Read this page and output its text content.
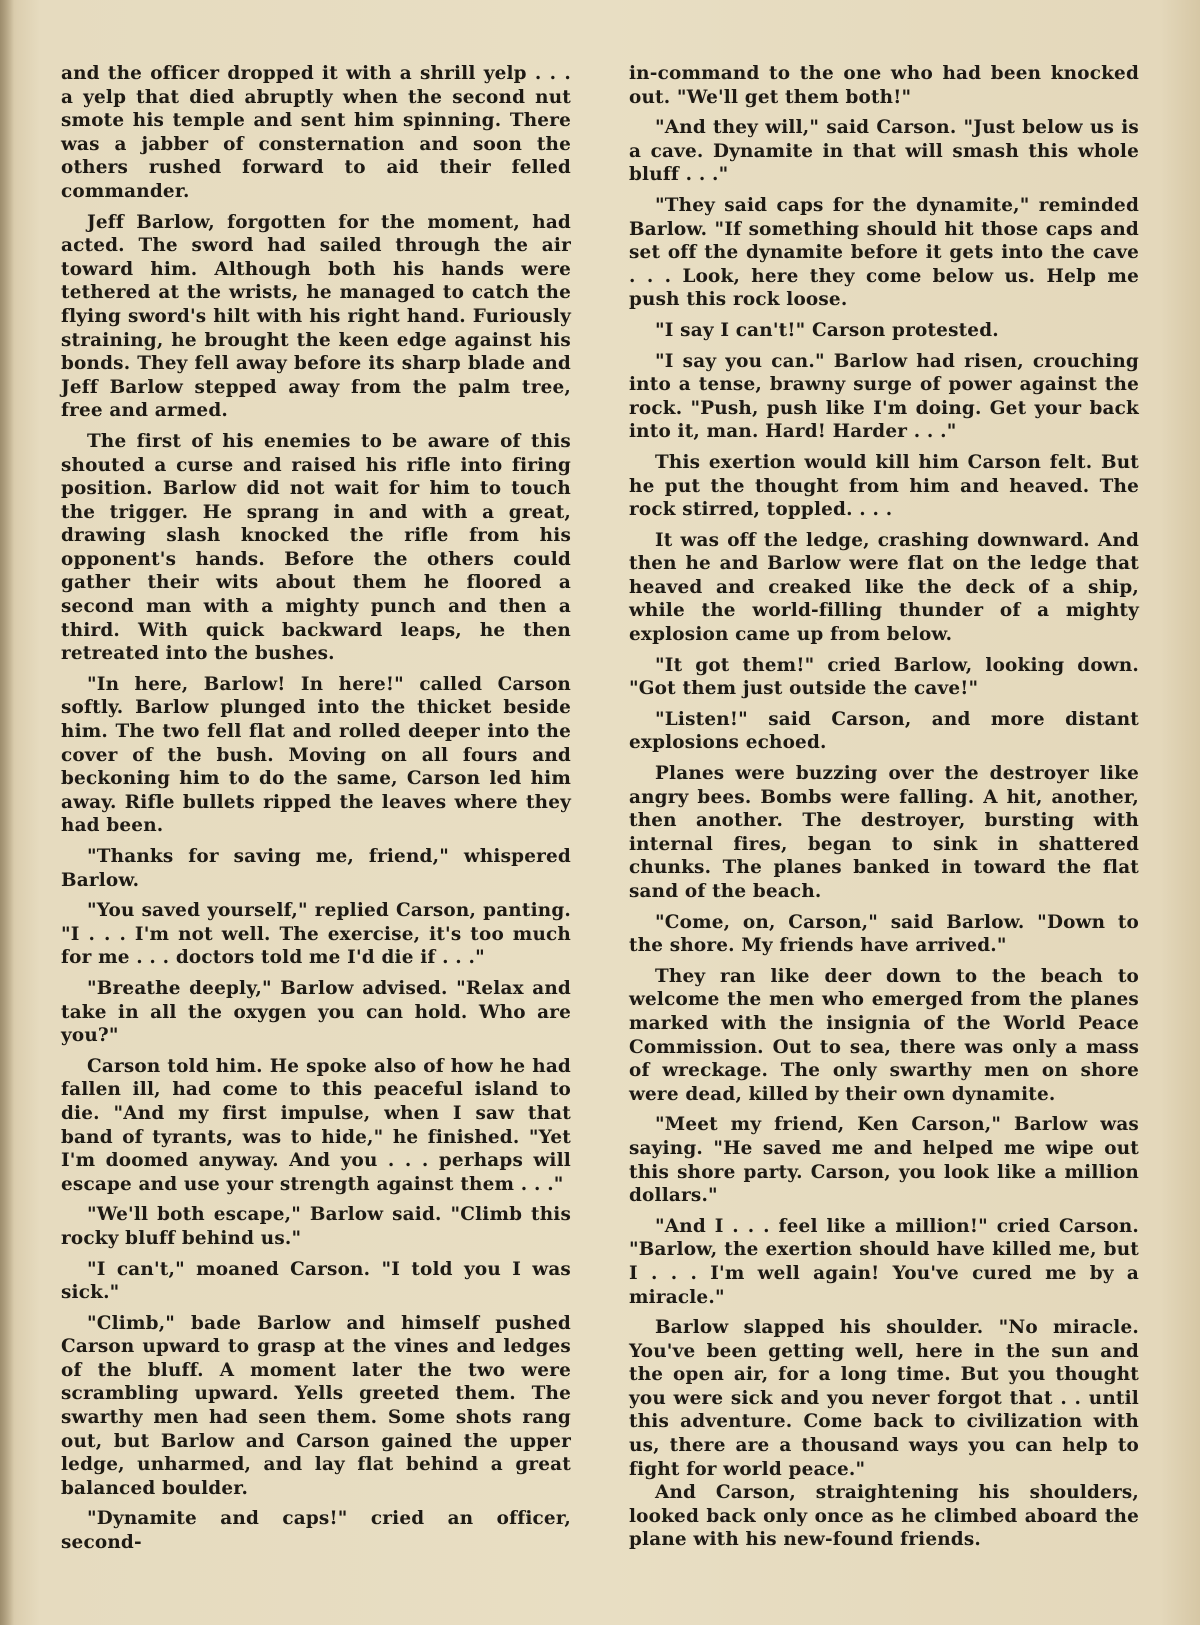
and the officer dropped it with a shrill yelp . . . a yelp that died abruptly when the second nut smote his temple and sent him spinning. There was a jabber of consternation and soon the others rushed forward to aid their felled commander.

Jeff Barlow, forgotten for the moment, had acted. The sword had sailed through the air toward him. Although both his hands were tethered at the wrists, he managed to catch the flying sword's hilt with his right hand. Furiously straining, he brought the keen edge against his bonds. They fell away before its sharp blade and Jeff Barlow stepped away from the palm tree, free and armed.

The first of his enemies to be aware of this shouted a curse and raised his rifle into firing position. Barlow did not wait for him to touch the trigger. He sprang in and with a great, drawing slash knocked the rifle from his opponent's hands. Before the others could gather their wits about them he floored a second man with a mighty punch and then a third. With quick backward leaps, he then retreated into the bushes.

"In here, Barlow! In here!" called Carson softly. Barlow plunged into the thicket beside him. The two fell flat and rolled deeper into the cover of the bush. Moving on all fours and beckoning him to do the same, Carson led him away. Rifle bullets ripped the leaves where they had been.

"Thanks for saving me, friend," whispered Barlow.

"You saved yourself," replied Carson, panting. "I . . . I'm not well. The exercise, it's too much for me . . . doctors told me I'd die if . . ."

"Breathe deeply," Barlow advised. "Relax and take in all the oxygen you can hold. Who are you?"

Carson told him. He spoke also of how he had fallen ill, had come to this peaceful island to die. "And my first impulse, when I saw that band of tyrants, was to hide," he finished. "Yet I'm doomed anyway. And you . . . perhaps will escape and use your strength against them . . ."

"We'll both escape," Barlow said. "Climb this rocky bluff behind us."

"I can't," moaned Carson. "I told you I was sick."

"Climb," bade Barlow and himself pushed Carson upward to grasp at the vines and ledges of the bluff. A moment later the two were scrambling upward. Yells greeted them. The swarthy men had seen them. Some shots rang out, but Barlow and Carson gained the upper ledge, unharmed, and lay flat behind a great balanced boulder.

"Dynamite and caps!" cried an officer, second-

in-command to the one who had been knocked out. "We'll get them both!"

"And they will," said Carson. "Just below us is a cave. Dynamite in that will smash this whole bluff . . ."

"They said caps for the dynamite," reminded Barlow. "If something should hit those caps and set off the dynamite before it gets into the cave . . . Look, here they come below us. Help me push this rock loose.

"I say I can't!" Carson protested.

"I say you can." Barlow had risen, crouching into a tense, brawny surge of power against the rock. "Push, push like I'm doing. Get your back into it, man. Hard! Harder . . ."

This exertion would kill him Carson felt. But he put the thought from him and heaved. The rock stirred, toppled. . . .

It was off the ledge, crashing downward. And then he and Barlow were flat on the ledge that heaved and creaked like the deck of a ship, while the world-filling thunder of a mighty explosion came up from below.

"It got them!" cried Barlow, looking down. "Got them just outside the cave!"

"Listen!" said Carson, and more distant explosions echoed.

Planes were buzzing over the destroyer like angry bees. Bombs were falling. A hit, another, then another. The destroyer, bursting with internal fires, began to sink in shattered chunks. The planes banked in toward the flat sand of the beach.

"Come, on, Carson," said Barlow. "Down to the shore. My friends have arrived."

They ran like deer down to the beach to welcome the men who emerged from the planes marked with the insignia of the World Peace Commission. Out to sea, there was only a mass of wreckage. The only swarthy men on shore were dead, killed by their own dynamite.

"Meet my friend, Ken Carson," Barlow was saying. "He saved me and helped me wipe out this shore party. Carson, you look like a million dollars."

"And I . . . feel like a million!" cried Carson. "Barlow, the exertion should have killed me, but I . . . I'm well again! You've cured me by a miracle."

Barlow slapped his shoulder. "No miracle. You've been getting well, here in the sun and the open air, for a long time. But you thought you were sick and you never forgot that . . until this adventure. Come back to civilization with us, there are a thousand ways you can help to fight for world peace."

And Carson, straightening his shoulders, looked back only once as he climbed aboard the plane with his new-found friends.
